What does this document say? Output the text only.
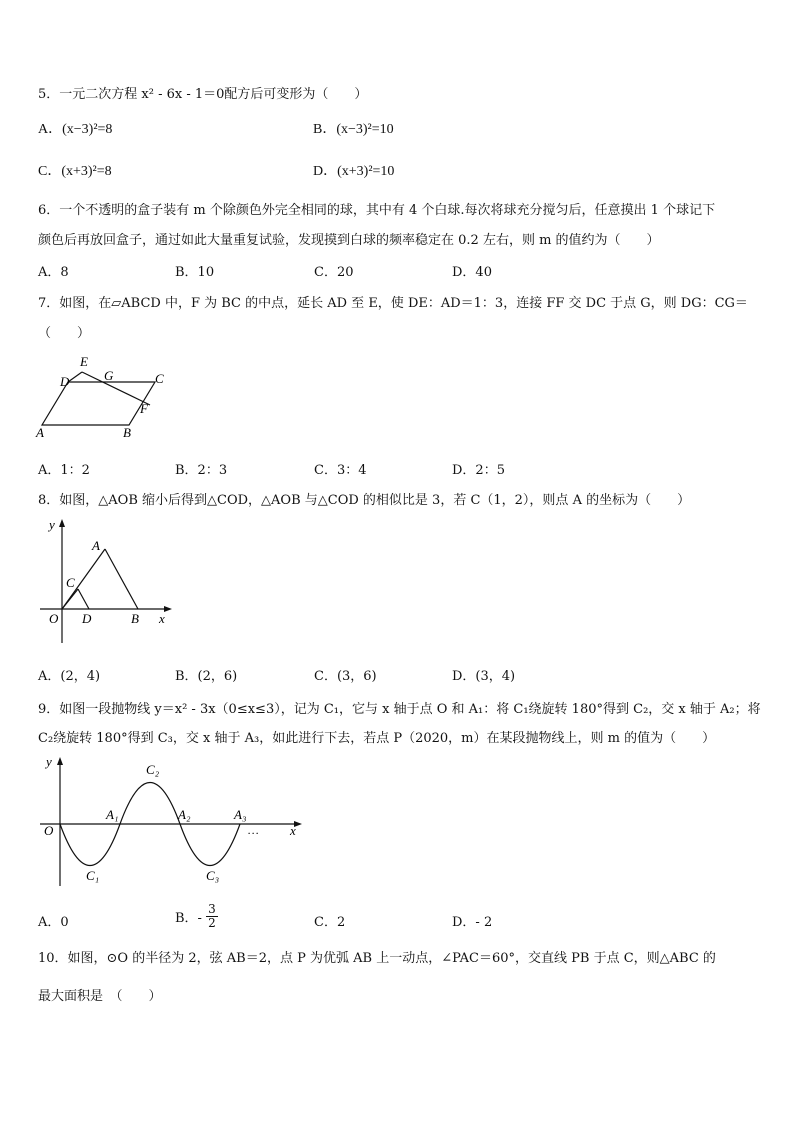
5．一元二次方程 x² - 6x - 1＝0配方后可变形为（　　）
A．(x−3)²=8	B．(x−3)²=10
C．(x+3)²=8	D．(x+3)²=10
6．一个不透明的盒子装有 m 个除颜色外完全相同的球，其中有 4 个白球.每次将球充分搅匀后，任意摸出 1 个球记下
颜色后再放回盒子，通过如此大量重复试验，发现摸到白球的频率稳定在 0.2 左右，则 m 的值约为（　　）
A．8	B．10	C．20	D．40
7．如图，在▱ABCD 中，F 为 BC 的中点，延长 AD 至 E，使 DE：AD＝1：3，连接 FF 交 DC 于点 G，则 DG：CG＝
（　　）
E
D	G	C
F
A	B
A．1：2	B．2：3	C．3：4	D．2：5
8．如图，△AOB 缩小后得到△COD，△AOB 与△COD 的相似比是 3，若 C（1，2），则点 A 的坐标为（　　）
y
A
C
O D	B x
A．(2，4)	B．(2，6)	C．(3，6)	D．(3，4)
9．如图一段抛物线 y＝x² - 3x（0≤x≤3），记为 C₁，它与 x 轴于点 O 和 A₁：将 C₁绕旋转 180°得到 C₂，交 x 轴于 A₂；将
C₂绕旋转 180°得到 C₃，交 x 轴于 A₃，如此进行下去，若点 P（2020，m）在某段抛物线上，则 m 的值为（　　）
y
C₂
A₁	A₂	A₃
O	x
…
C₁	C₃
A．0	B．- $\frac{3}{2}$	C．2	D．- 2
10．如图，⊙O 的半径为 2，弦 AB＝2，点 P 为优弧 AB 上一动点，∠PAC＝60°，交直线 PB 于点 C，则△ABC 的
最大面积是　（　　）
